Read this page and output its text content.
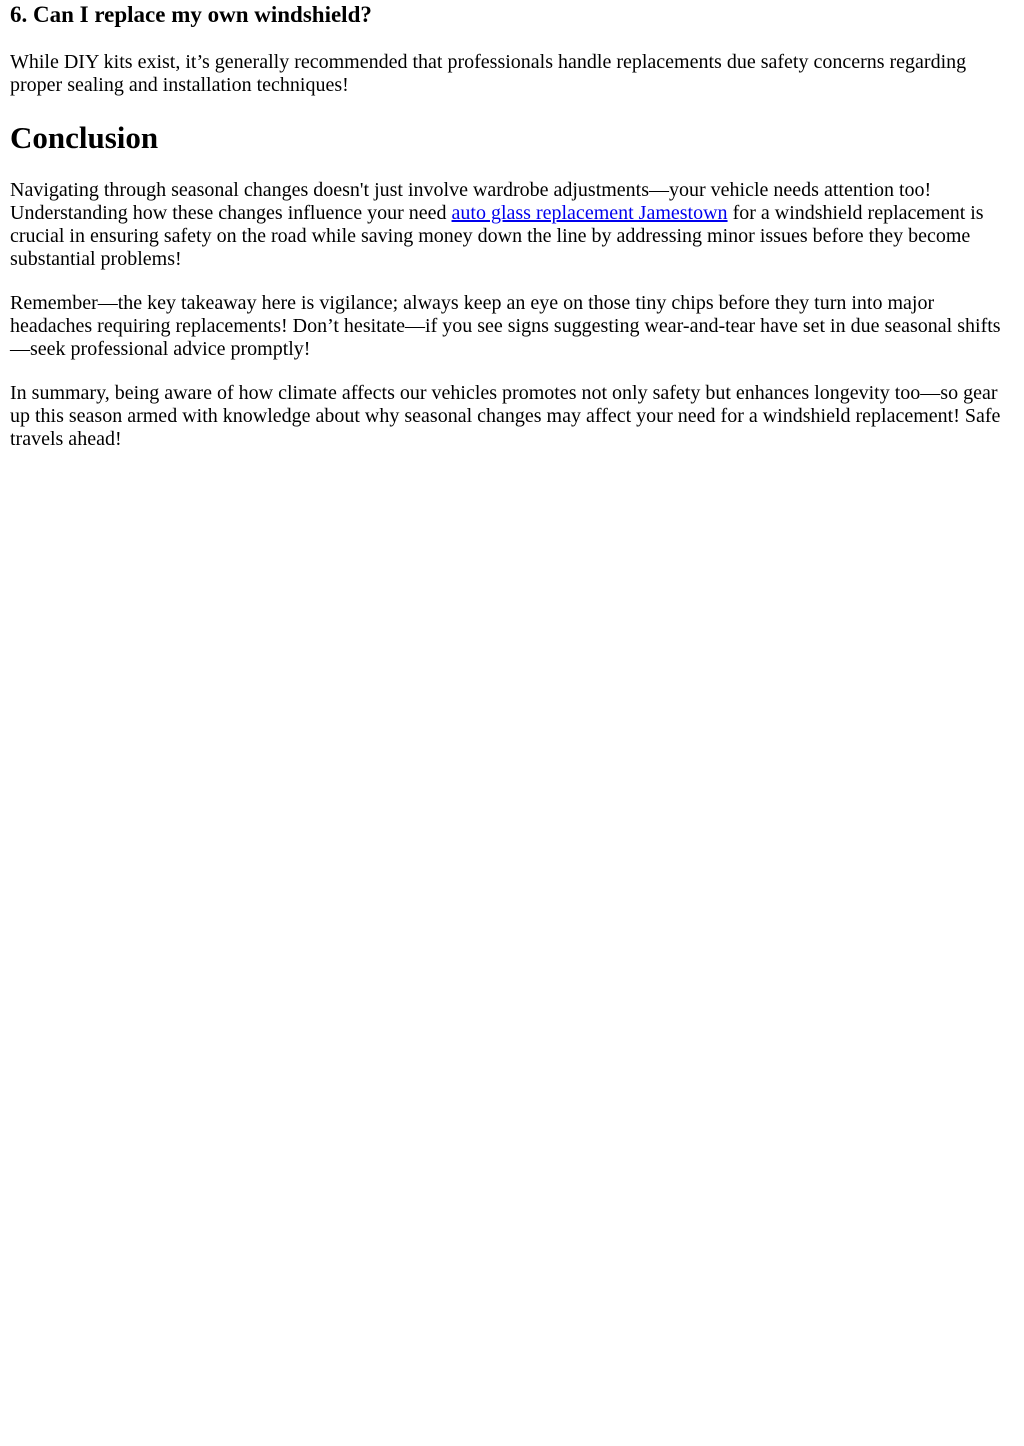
6. Can I replace my own windshield?

While DIY kits exist, it’s generally recommended that professionals handle replacements due safety concerns regarding proper sealing and installation techniques!

Conclusion

Navigating through seasonal changes doesn't just involve wardrobe adjustments—your vehicle needs attention too! Understanding how these changes influence your need auto glass replacement Jamestown for a windshield replacement is crucial in ensuring safety on the road while saving money down the line by addressing minor issues before they become substantial problems!

Remember—the key takeaway here is vigilance; always keep an eye on those tiny chips before they turn into major headaches requiring replacements! Don’t hesitate—if you see signs suggesting wear-and-tear have set in due seasonal shifts—seek professional advice promptly!

In summary, being aware of how climate affects our vehicles promotes not only safety but enhances longevity too—so gear up this season armed with knowledge about why seasonal changes may affect your need for a windshield replacement! Safe travels ahead!
